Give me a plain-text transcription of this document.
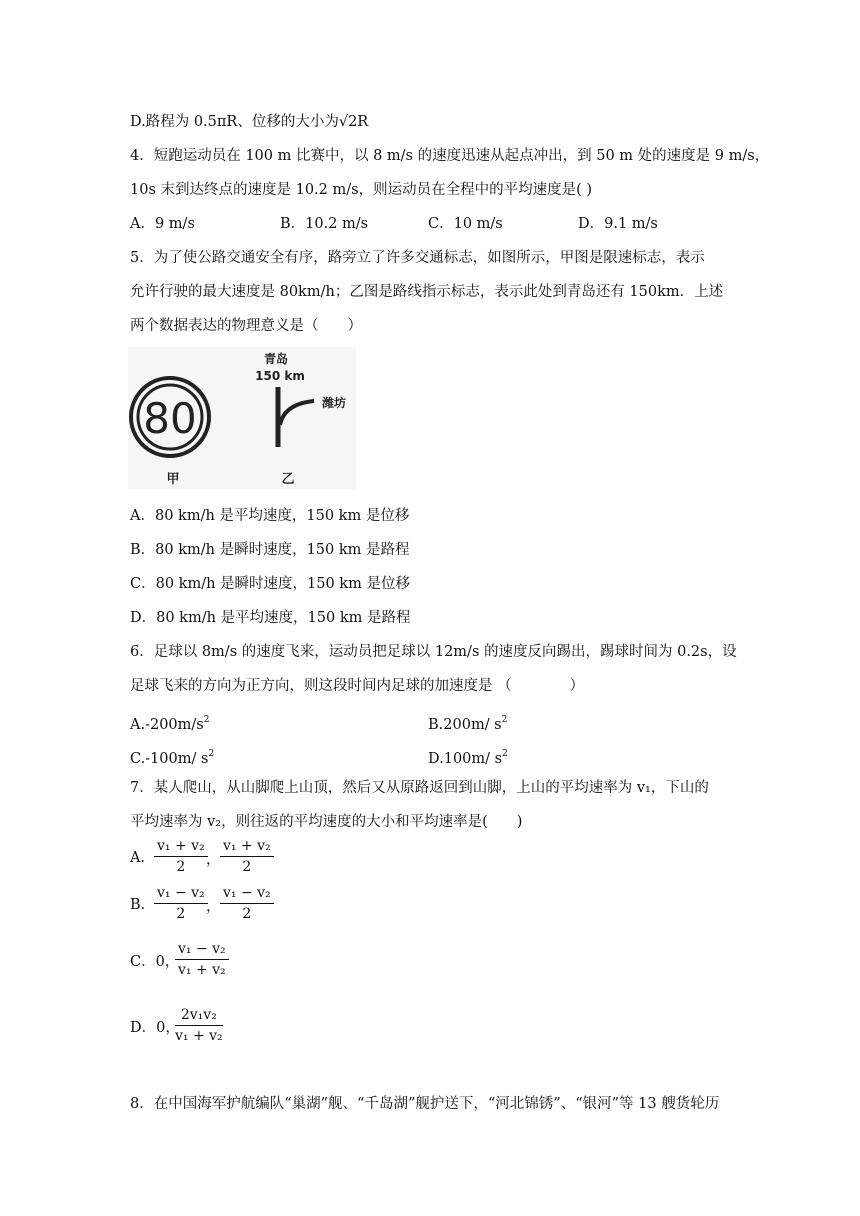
D.路程为 0.5πR、位移的大小为√2R
4．短跑运动员在 100 m 比赛中，以 8 m/s 的速度迅速从起点冲出，到 50 m 处的速度是 9 m/s，
10s 末到达终点的速度是 10.2 m/s，则运动员在全程中的平均速度是( )
A．9 m/s	B．10.2 m/s	C．10 m/s	D．9.1 m/s
5．为了使公路交通安全有序，路旁立了许多交通标志，如图所示，甲图是限速标志，表示
允许行驶的最大速度是 80km/h；乙图是路线指示标志，表示此处到青岛还有 150km．上述
两个数据表达的物理意义是（　　）
80
甲
青岛
150 km
潍坊
乙
A．80 km/h 是平均速度，150 km 是位移
B．80 km/h 是瞬时速度，150 km 是路程
C．80 km/h 是瞬时速度，150 km 是位移
D．80 km/h 是平均速度，150 km 是路程
6．足球以 8m/s 的速度飞来，运动员把足球以 12m/s 的速度反向踢出，踢球时间为 0.2s，设
足球飞来的方向为正方向，则这段时间内足球的加速度是 （　　　　）
$A.-200m/s^2$	B.200m/ $s^2$
C.-100m/ $s^2$	D.100m/ $s^2$
7．某人爬山，从山脚爬上山顶，然后又从原路返回到山脚，上山的平均速率为 v₁，下山的
平均速率为 v₂，则往返的平均速度的大小和平均速率是(　　)
A． $\frac{\text{v₁ + v₂}}{2}$
， $\frac{\text{v₁ + v₂}}{2}$
B．
$\frac{\text{v₁ − v₂}}{2}$
， $\frac{\text{v₁ − v₂}}{2}$
C．0，
$\frac{\text{v₁ − v₂}}{\text{v₁ + v₂}}$
D．0，
$\frac{\text{2v₁v₂}}{\text{v₁ + v₂}}$
8．在中国海军护航编队“巢湖”舰、“千岛湖”舰护送下，“河北锦锈”、“银河”等 13 艘货轮历
